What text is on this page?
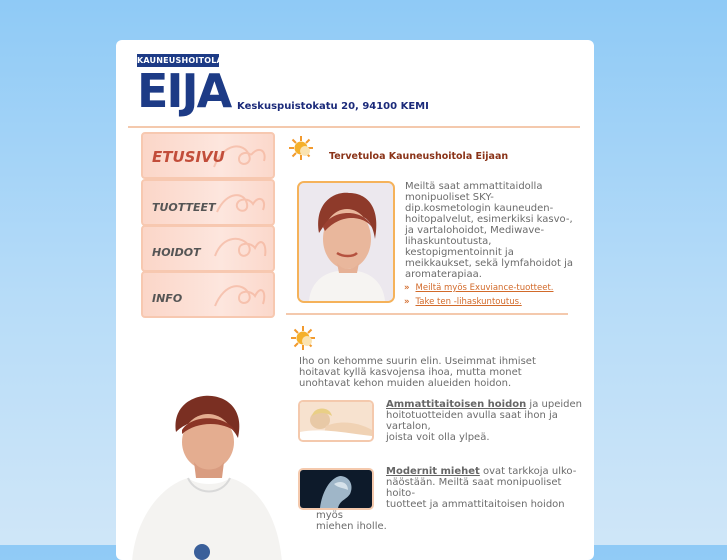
KAUNEUSHOITOLA
EIJA Keskuspuistokatu 20, 94100 KEMI
ETUSIVU
TUOTTEET
HOIDOT
INFO
Tervetuloa Kauneushoitola Eijaan
Meiltä saat ammattitaidolla
monipuoliset SKY-
dip.kosmetologin kauneuden-
hoitopalvelut, esimerkiksi kasvo-,
ja vartalohoidot, Mediwave-
lihaskuntoutusta,
kestopigmentoinnit ja
meikkaukset, sekä lymfahoidot ja
aromaterapiaa.
» Meiltä myös Exuviance-tuotteet.
» Take ten -lihaskuntoutus.
Iho on kehomme suurin elin. Useimmat ihmiset
hoitavat kyllä kasvojensa ihoa, mutta monet
unohtavat kehon muiden alueiden hoidon.
Ammattitaitoisen hoidon ja upeiden
hoitotuotteiden avulla saat ihon ja
vartalon,
joista voit olla ylpeä.
Modernit miehet ovat tarkkoja ulko-
näöstään. Meiltä saat monipuoliset
hoito-
tuotteet ja ammattitaitoisen hoidon
myös
miehen iholle.
